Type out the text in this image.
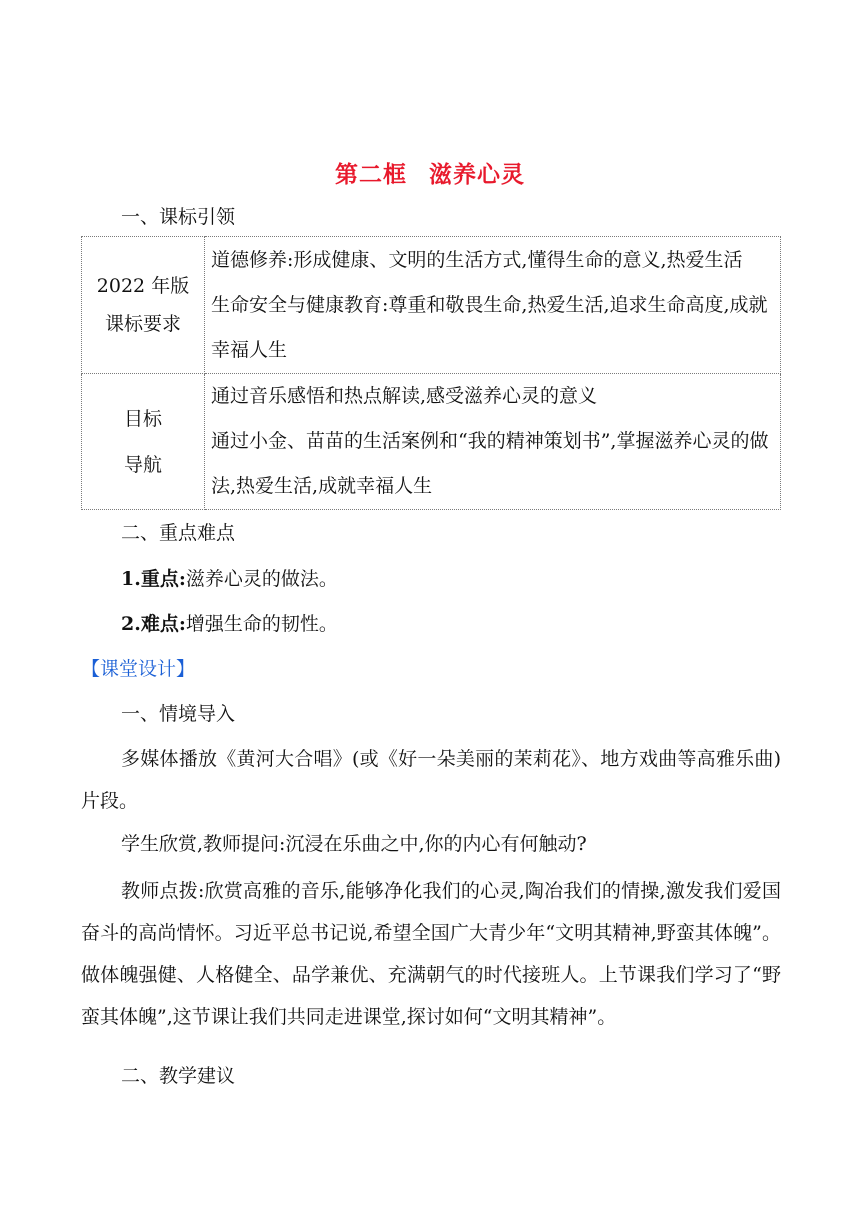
第二框 滋养心灵

一、课标引领

2022 年版
课标要求	道德修养:形成健康、文明的生活方式,懂得生命的意义,热爱生活
生命安全与健康教育:尊重和敬畏生命,热爱生活,追求生命高度,成就幸福人生

目标
导航	通过音乐感悟和热点解读,感受滋养心灵的意义
通过小金、苗苗的生活案例和“我的精神策划书”,掌握滋养心灵的做法,热爱生活,成就幸福人生

二、重点难点

1.重点:滋养心灵的做法。

2.难点:增强生命的韧性。

【课堂设计】

一、情境导入

多媒体播放《黄河大合唱》(或《好一朵美丽的茉莉花》、地方戏曲等高雅乐曲)片段。

学生欣赏,教师提问:沉浸在乐曲之中,你的内心有何触动?

教师点拨:欣赏高雅的音乐,能够净化我们的心灵,陶冶我们的情操,激发我们爱国奋斗的高尚情怀。习近平总书记说,希望全国广大青少年“文明其精神,野蛮其体魄”。做体魄强健、人格健全、品学兼优、充满朝气的时代接班人。上节课我们学习了“野蛮其体魄”,这节课让我们共同走进课堂,探讨如何“文明其精神”。

二、教学建议
